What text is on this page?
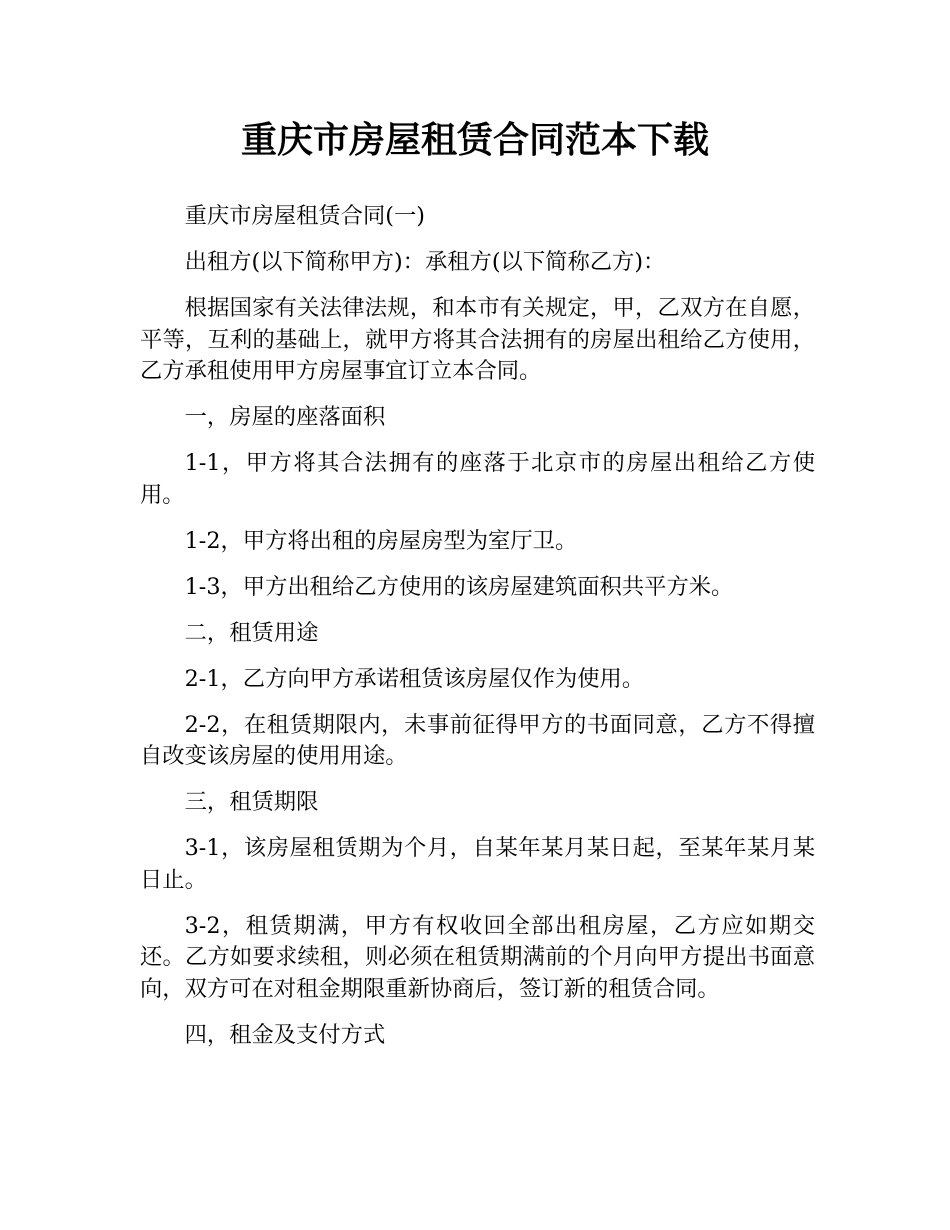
重庆市房屋租赁合同范本下载

重庆市房屋租赁合同(一)

出租方(以下简称甲方)：承租方(以下简称乙方)：

根据国家有关法律法规，和本市有关规定，甲，乙双方在自愿，平等，互利的基础上，就甲方将其合法拥有的房屋出租给乙方使用，乙方承租使用甲方房屋事宜订立本合同。

一，房屋的座落面积

1-1，甲方将其合法拥有的座落于北京市的房屋出租给乙方使用。

1-2，甲方将出租的房屋房型为室厅卫。

1-3，甲方出租给乙方使用的该房屋建筑面积共平方米。

二，租赁用途

2-1，乙方向甲方承诺租赁该房屋仅作为使用。

2-2，在租赁期限内，未事前征得甲方的书面同意，乙方不得擅自改变该房屋的使用用途。

三，租赁期限

3-1，该房屋租赁期为个月，自某年某月某日起，至某年某月某日止。

3-2，租赁期满，甲方有权收回全部出租房屋，乙方应如期交还。乙方如要求续租，则必须在租赁期满前的个月向甲方提出书面意向，双方可在对租金期限重新协商后，签订新的租赁合同。

四，租金及支付方式
